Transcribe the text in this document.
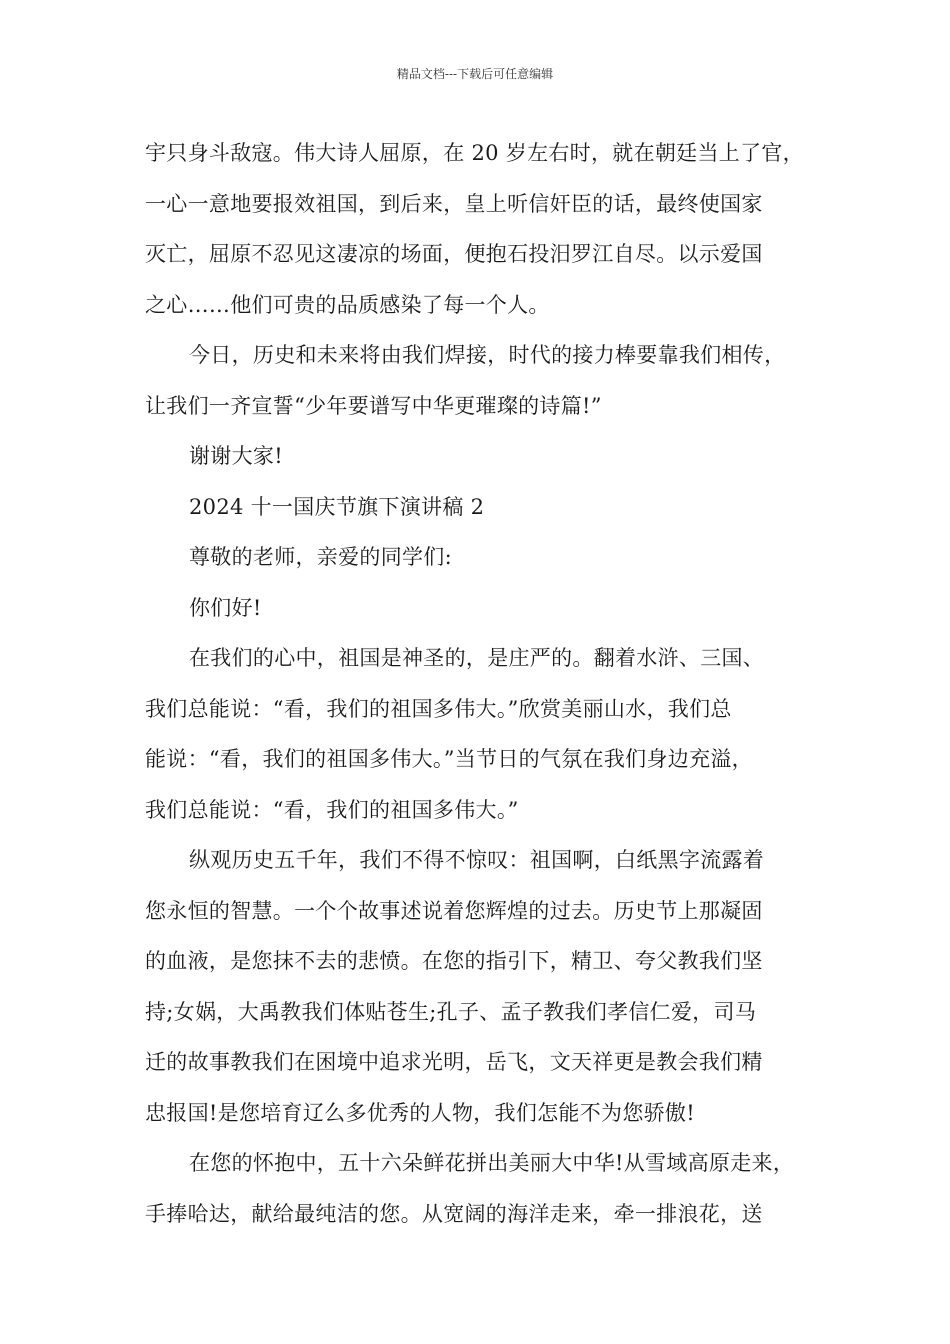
精品文档---下载后可任意编辑
宇只身斗敌寇。伟大诗人屈原，在 20 岁左右时，就在朝廷当上了官，
一心一意地要报效祖国，到后来，皇上听信奸臣的话，最终使国家
灭亡，屈原不忍见这凄凉的场面，便抱石投汨罗江自尽。以示爱国
之心……他们可贵的品质感染了每一个人。
今日，历史和未来将由我们焊接，时代的接力棒要靠我们相传，
让我们一齐宣誓“少年要谱写中华更璀璨的诗篇!”
谢谢大家!
2024 十一国庆节旗下演讲稿 2
尊敬的老师，亲爱的同学们:
你们好!
在我们的心中，祖国是神圣的，是庄严的。翻着水浒、三国、
我们总能说：“看，我们的祖国多伟大。”欣赏美丽山水，我们总
能说：“看，我们的祖国多伟大。”当节日的气氛在我们身边充溢，
我们总能说：“看，我们的祖国多伟大。”
纵观历史五千年，我们不得不惊叹：祖国啊，白纸黑字流露着
您永恒的智慧。一个个故事述说着您辉煌的过去。历史节上那凝固
的血液，是您抹不去的悲愤。在您的指引下，精卫、夸父教我们坚
持;女娲，大禹教我们体贴苍生;孔子、孟子教我们孝信仁爱，司马
迁的故事教我们在困境中追求光明，岳飞，文天祥更是教会我们精
忠报国!是您培育辽么多优秀的人物，我们怎能不为您骄傲!
在您的怀抱中，五十六朵鲜花拼出美丽大中华!从雪域高原走来，
手捧哈达，献给最纯洁的您。从宽阔的海洋走来，牵一排浪花，送
